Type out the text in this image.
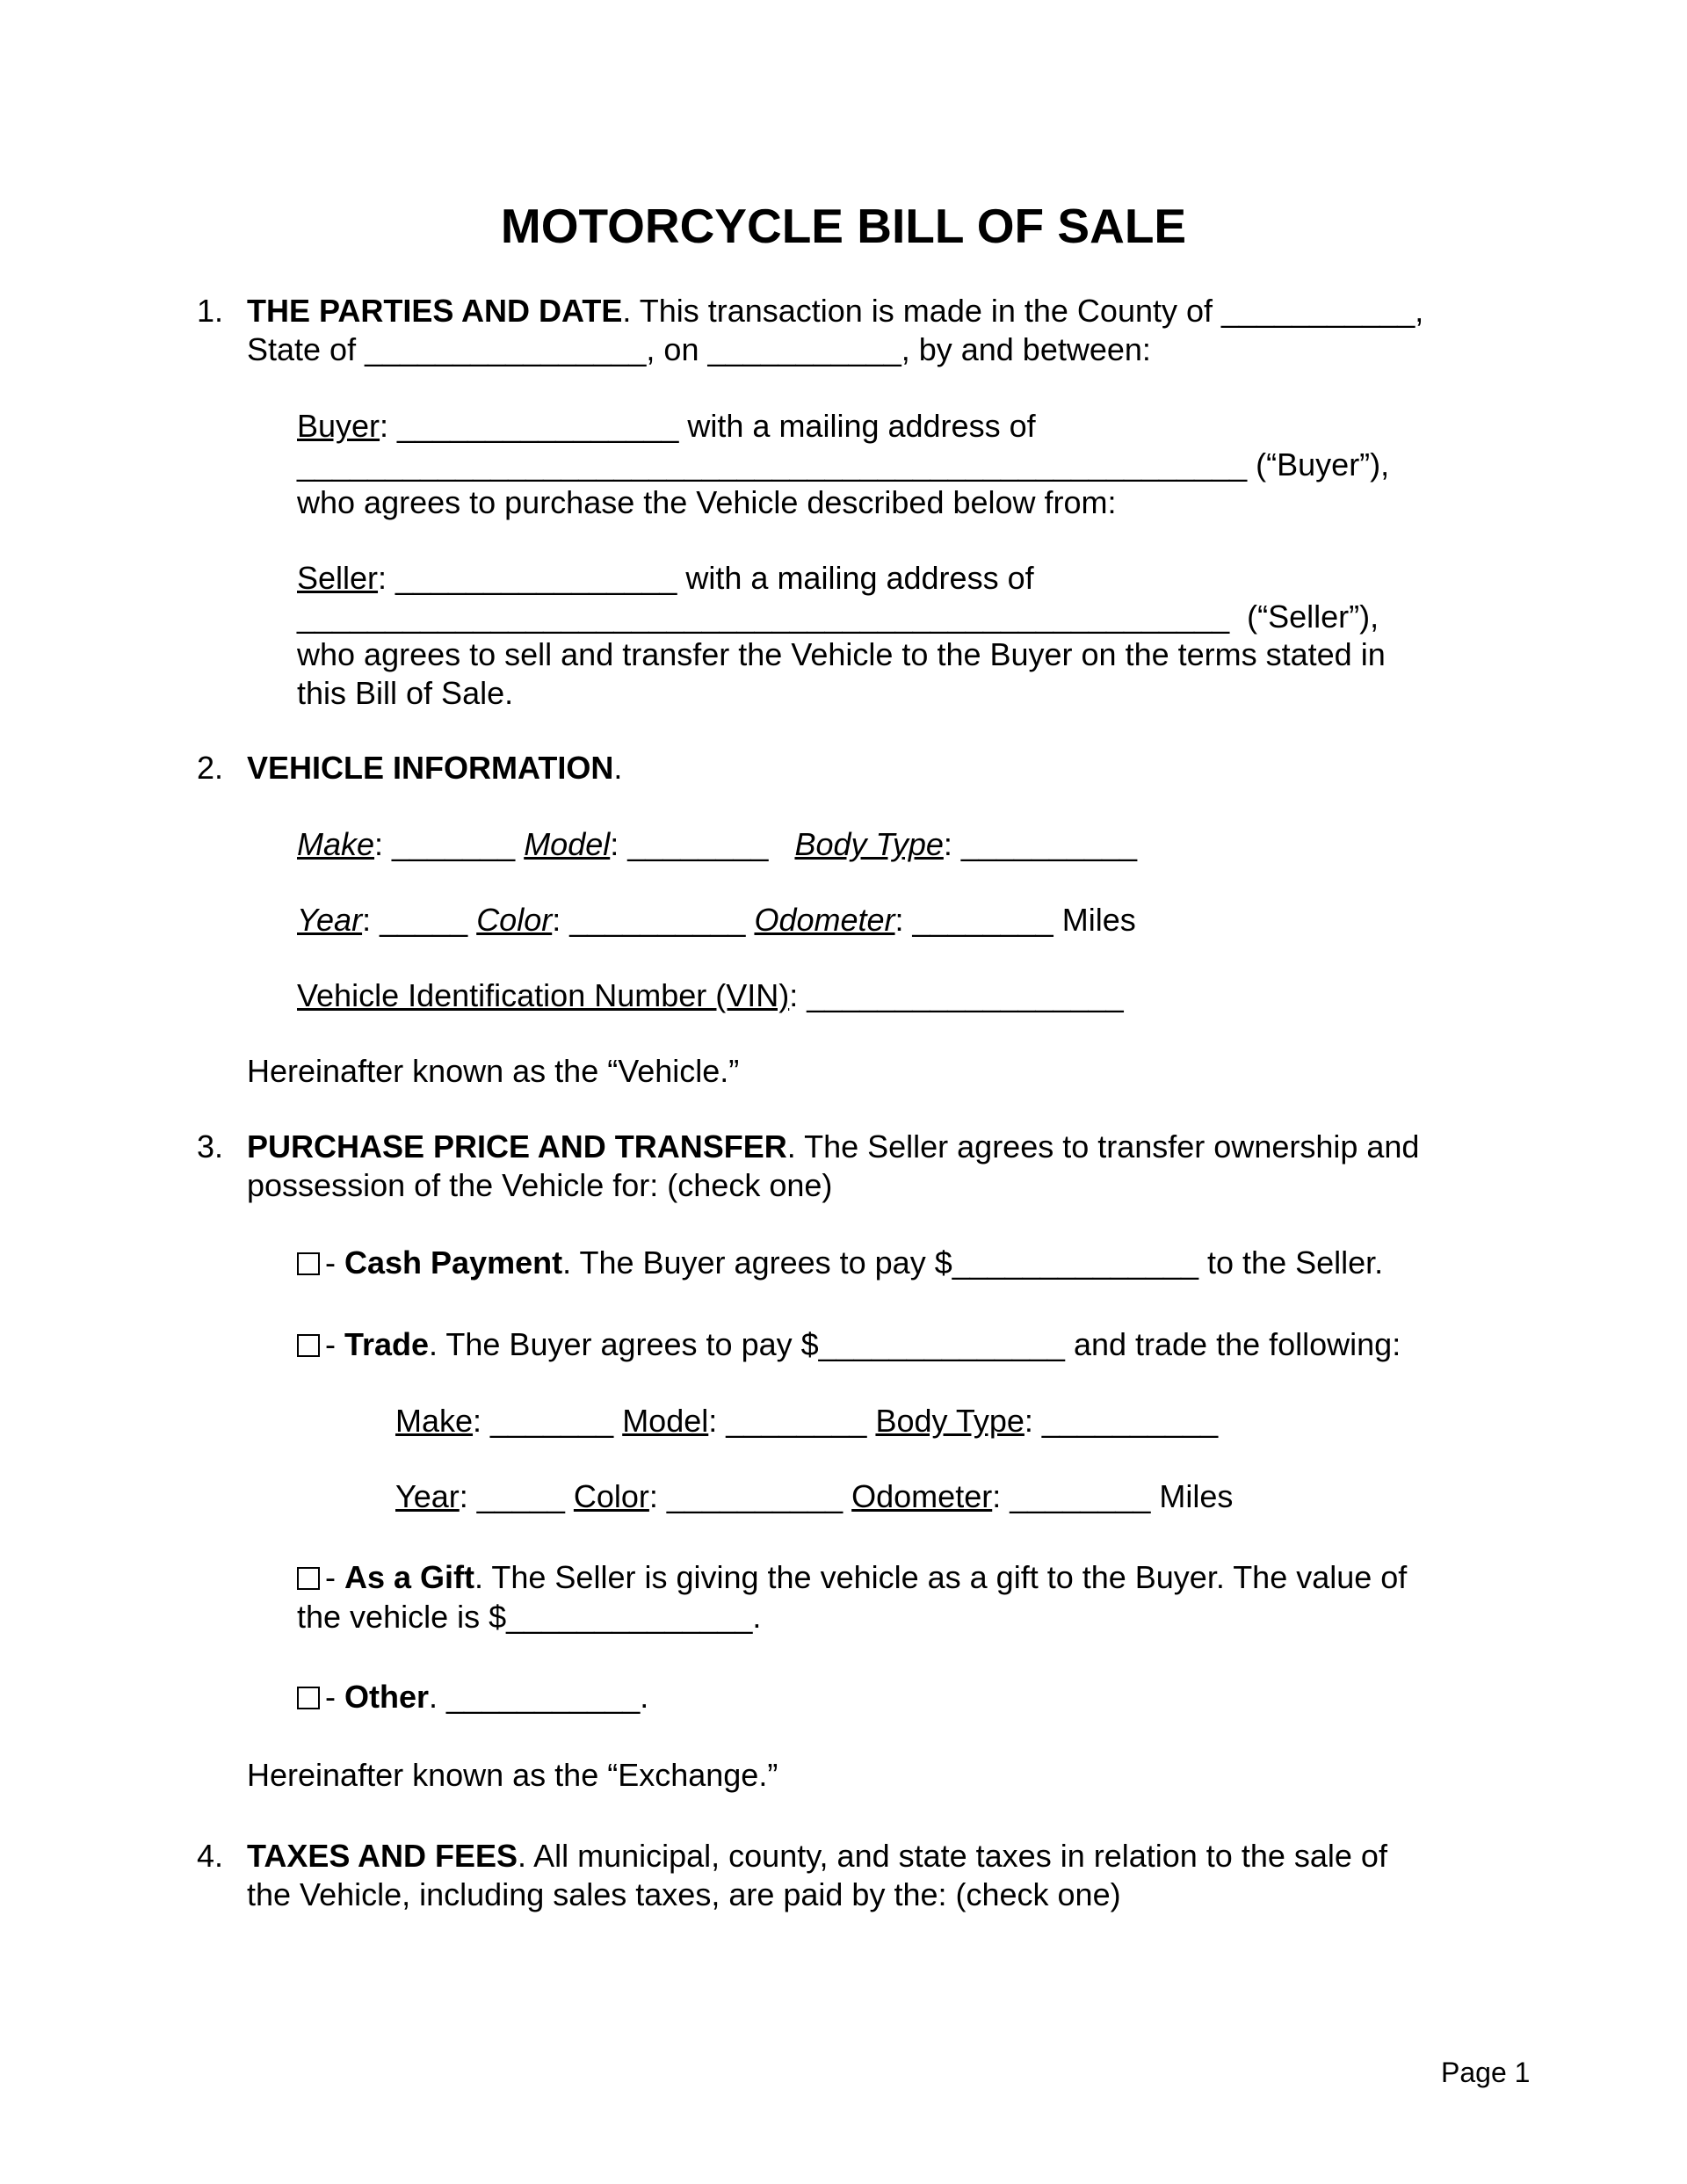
MOTORCYCLE BILL OF SALE
1. THE PARTIES AND DATE. This transaction is made in the County of ___________,
State of ________________, on ___________, by and between:
Buyer: ________________ with a mailing address of
______________________________________________________ (“Buyer”),
who agrees to purchase the Vehicle described below from:
Seller: ________________ with a mailing address of
_____________________________________________________  (“Seller”),
who agrees to sell and transfer the Vehicle to the Buyer on the terms stated in
this Bill of Sale.
2. VEHICLE INFORMATION.
Make: _______ Model: ________   Body Type: __________
Year: _____ Color: __________ Odometer: ________ Miles
Vehicle Identification Number (VIN): __________________
Hereinafter known as the “Vehicle.”
3. PURCHASE PRICE AND TRANSFER. The Seller agrees to transfer ownership and
possession of the Vehicle for: (check one)
- Cash Payment. The Buyer agrees to pay $______________ to the Seller.
- Trade. The Buyer agrees to pay $______________ and trade the following:
Make: _______ Model: ________ Body Type: __________
Year: _____ Color: __________ Odometer: ________ Miles
- As a Gift. The Seller is giving the vehicle as a gift to the Buyer. The value of
the vehicle is $______________.
- Other. ___________.
Hereinafter known as the “Exchange.”
4. TAXES AND FEES. All municipal, county, and state taxes in relation to the sale of
the Vehicle, including sales taxes, are paid by the: (check one)
Page 1
